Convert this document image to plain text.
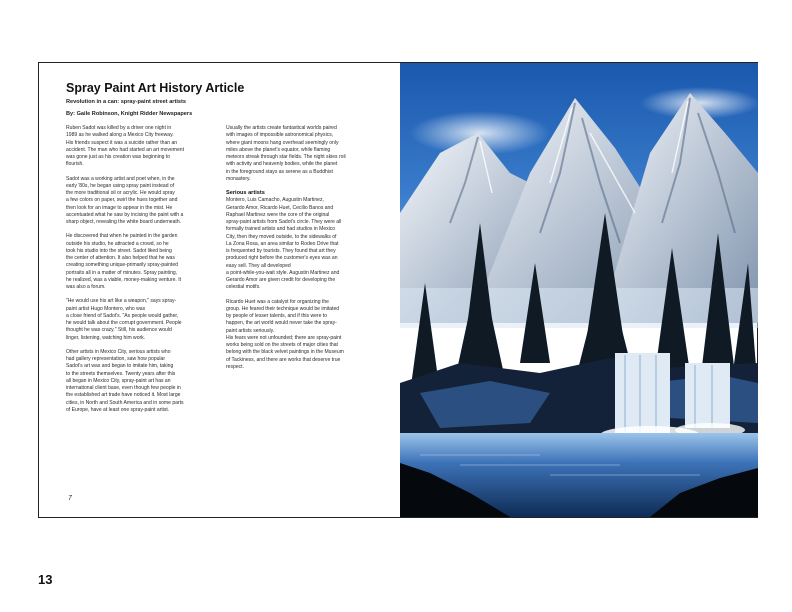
Spray Paint Art History Article
Revolution in a can: spray-paint street artists
By: Gaile Robinson, Knight Ridder Newspapers

Ruben Sadot was killed by a driver one night in
1989 as he walked along a Mexico City freeway.
His friends suspect it was a suicide rather than an
accident. The man who had started an art movement
was gone just as his creation was beginning to
flourish.

Sadot was a working artist and poet when, in the
early '80s, he began using spray paint instead of
the more traditional oil or acrylic. He would spray
a few colors on paper, swirl the hues together and
then look for an image to appear in the mist. He
accentuated what he saw by incising the paint with a
sharp object, revealing the white board underneath.

He discovered that when he painted in the garden
outside his studio, he attracted a crowd, so he
took his studio into the street. Sadot liked being
the center of attention. It also helped that he was
creating something unique-primarily spray-painted
portraits all in a matter of minutes. Spray painting,
he realized, was a viable, money-making venture. It
was also a forum.

"He would use his art like a weapon," says spray-
paint artist Hugo Montero, who was
a close friend of Sadot's. "As people would gather,
he would talk about the corrupt government. People
thought he was crazy." Still, his audience would
linger, listening, watching him work.

Other artists in Mexico City, serious artists who
had gallery representation, saw how popular
Sadot's art was and began to imitate him, taking
to the streets themselves. Twenty years after this
all began in Mexico City, spray-paint art has an
international client base, even though few people in
the established art trade have noticed it. Most large
cities, in North and South America and in some parts
of Europe, have at least one spray-paint artist.

Usually the artists create fantastical worlds paired
with images of impossible astronomical physics,
where giant moons hang overhead seemingly only
miles above the planet's equator, while flaming
meteors streak through star fields. The night skies roil
with activity and heavenly bodies, while the planet
in the foreground stays as serene as a Buddhist
monastery.

Serious artists

Montero, Luis Camacho, Augustin Martinez,
Gerardo Amor, Ricardo Huet, Cecilio Banos and
Raphael Martinez were the core of the original
spray-paint artists from Sadot's circle. They were all
formally trained artists and had studios in Mexico
City, then they moved outside, to the sidewalks of
La Zona Rosa, an area similar to Rodeo Drive that
is frequented by tourists. They found that art they
produced right before the customer's eyes was an
easy sell. They all developed
a point-while-you-wait style. Augustin Martinez and
Gerardo Amor are given credit for developing the
celestial motifs.

Ricardo Huet was a catalyst for organizing the
group. He feared their technique would be imitated
by people of lesser talents, and if this were to
happen, the art world would never take the spray-
paint artists seriously.
His fears were not unfounded; there are spray-paint
works being sold on the streets of major cities that
belong with the black velvet paintings in the Museum
of Tackiness, and there are works that deserve true
respect.

7
13
